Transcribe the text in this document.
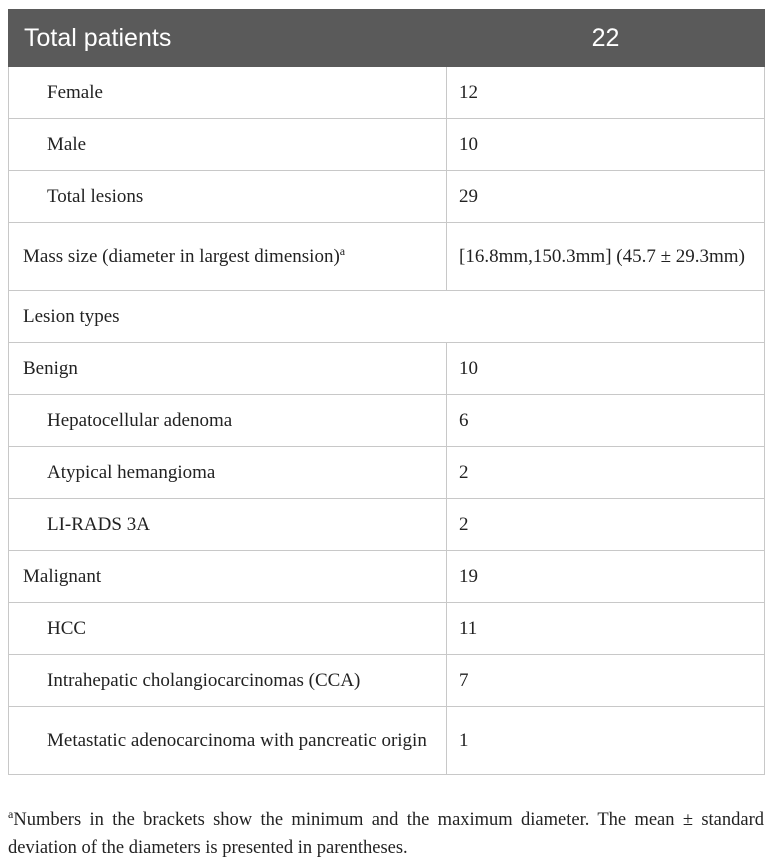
Total patients	22
Female	12
Male	10
Total lesions	29
Mass size (diameter in largest dimension)$^a$	[16.8mm,150.3mm] (45.7 ± 29.3mm)
Lesion types	
Benign	10
Hepatocellular adenoma	6
Atypical hemangioma	2
LI-RADS 3A	2
Malignant	19
HCC	11
Intrahepatic cholangiocarcinomas (CCA)	7
Metastatic adenocarcinoma with pancreatic origin	1
$^a$Numbers in the brackets show the minimum and the maximum diameter. The mean ± standard deviation of the diameters is presented in parentheses.
